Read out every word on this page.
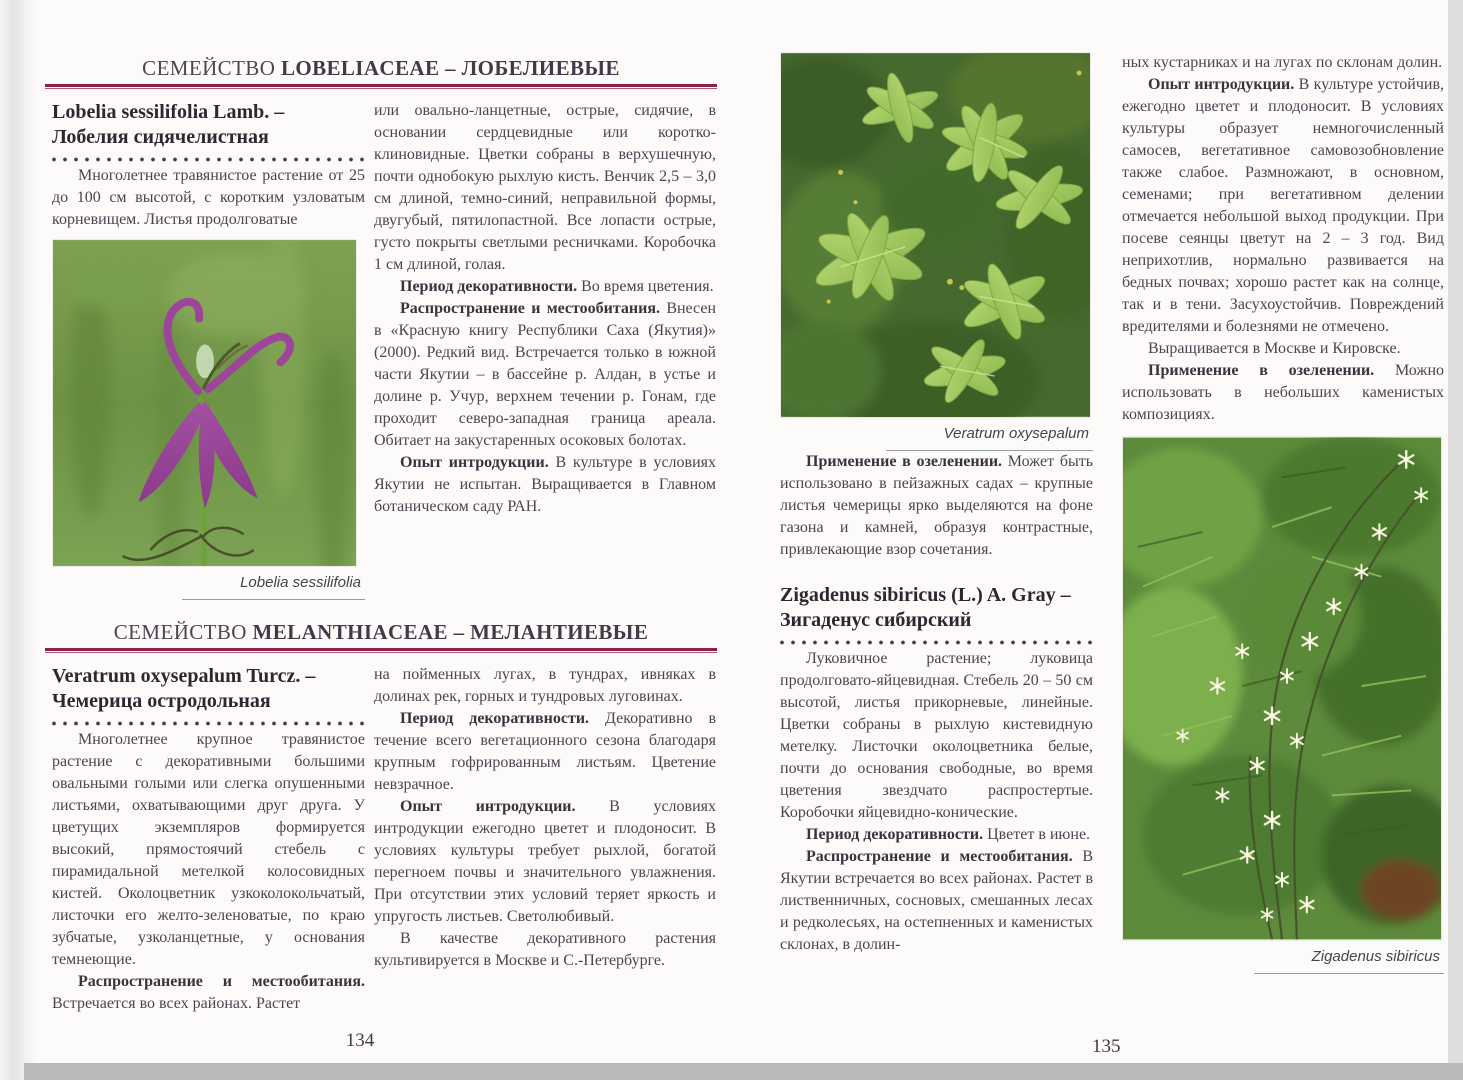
СЕМЕЙСТВО LOBELIACEAE – ЛОБЕЛИЕВЫЕ
Lobelia sessilifolia Lamb. –
Лобелия сидячелистная

Многолетнее травянистое растение от 25 до 100 см высотой, с коротким узловатым корневищем. Листья продолговатые

Lobelia sessilifolia

или овально-ланцетные, острые, сидячие, в основании сердцевидные или коротко-клиновидные. Цветки собраны в верхушечную, почти однобокую рыхлую кисть. Венчик 2,5 – 3,0 см длиной, темно-синий, неправильной формы, двугубый, пятилопастной. Все лопасти острые, густо покрыты светлыми ресничками. Коробочка 1 см длиной, голая.

Период декоративности. Во время цветения.

Распространение и местообитания. Внесен в «Красную книгу Республики Саха (Якутия)» (2000). Редкий вид. Встречается только в южной части Якутии – в бассейне р. Алдан, в устье и долине р. Учур, верхнем течении р. Гонам, где проходит северо-западная граница ареала. Обитает на закустаренных осоковых болотах.

Опыт интродукции. В культуре в условиях Якутии не испытан. Выращивается в Главном ботаническом саду РАН.

СЕМЕЙСТВО MELANTHIACEAE – МЕЛАНТИЕВЫЕ
Veratrum oxysepalum Turcz. –
Чемерица остродольная

Многолетнее крупное травянистое растение с декоративными большими овальными голыми или слегка опушенными листьями, охватывающими друг друга. У цветущих экземпляров формируется высокий, прямостоячий стебель с пирамидальной метелкой колосовидных кистей. Околоцветник узкоколокольчатый, листочки его желто-зеленоватые, по краю зубчатые, узколанцетные, у основания темнеющие.

Распространение и местообитания. Встречается во всех районах. Растет

на пойменных лугах, в тундрах, ивняках в долинах рек, горных и тундровых луговинах.

Период декоративности. Декоративно в течение всего вегетационного сезона благодаря крупным гофрированным листьям. Цветение невзрачное.

Опыт интродукции. В условиях интродукции ежегодно цветет и плодоносит. В условиях культуры требует рыхлой, богатой перегноем почвы и значительного увлажнения. При отсутствии этих условий теряет яркость и упругость листьев. Светолюбивый.

В качестве декоративного растения культивируется в Москве и С.-Петербурге.

134
Veratrum oxysepalum

Применение в озеленении. Может быть использовано в пейзажных садах – крупные листья чемерицы ярко выделяются на фоне газона и камней, образуя контрастные, привлекающие взор сочетания.

Zigadenus sibiricus (L.) A. Gray –
Зигаденус сибирский

Луковичное растение; луковица продолговато-яйцевидная. Стебель 20 – 50 см высотой, листья прикорневые, линейные. Цветки собраны в рыхлую кистевидную метелку. Листочки околоцветника белые, почти до основания свободные, во время цветения звездчато распростертые. Коробочки яйцевидно-конические.

Период декоративности. Цветет в июне.

Распространение и местообитания. В Якутии встречается во всех районах. Растет в лиственничных, сосновых, смешанных лесах и редколесьях, на остепненных и каменистых склонах, в долин-

ных кустарниках и на лугах по склонам долин.

Опыт интродукции. В культуре устойчив, ежегодно цветет и плодоносит. В условиях культуры образует немногочисленный самосев, вегетативное самовозобновление также слабое. Размножают, в основном, семенами; при вегетативном делении отмечается небольшой выход продукции. При посеве сеянцы цветут на 2 – 3 год. Вид неприхотлив, нормально развивается на бедных почвах; хорошо растет как на солнце, так и в тени. Засухоустойчив. Повреждений вредителями и болезнями не отмечено.

Выращивается в Москве и Кировске.

Применение в озеленении. Можно использовать в небольших каменистых композициях.

Zigadenus sibiricus
135
